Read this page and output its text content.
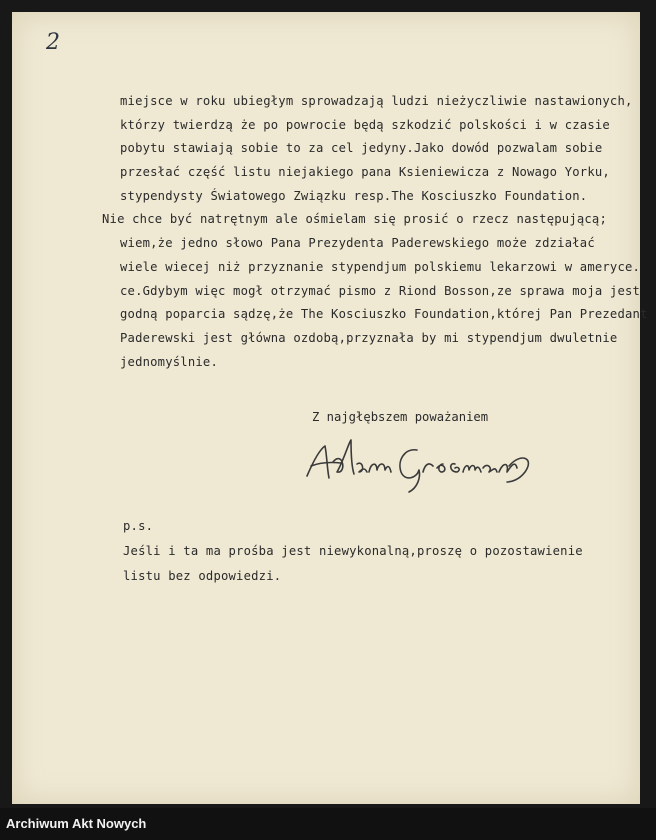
2
miejsce w roku ubiegłym sprowadzają ludzi nieżyczliwie nastawionych,
którzy twierdzą że po powrocie będą szkodzić polskości i w czasie
pobytu stawiają sobie to za cel jedyny.Jako dowód pozwalam sobie
przesłać część listu niejakiego pana Ksieniewicza z Nowago Yorku,
stypendysty Światowego Związku resp.The Kosciuszko Foundation.
Nie chce być natrętnym ale ośmielam się prosić o rzecz następującą;
wiem,że jedno słowo Pana Prezydenta Paderewskiego może zdziałać
wiele wiecej niż przyznanie stypendjum polskiemu lekarzowi w ameryce.
ce.Gdybym więc mogł otrzymać pismo z Riond Bosson,ze sprawa moja jest
godną poparcia sądzę,że The Kosciuszko Foundation,której Pan Prezedant
Paderewski jest główna ozdobą,przyznała by mi stypendjum dwuletnie
jednomyślnie.
Z najgłębszem poważaniem
p.s.
Jeśli i ta ma prośba jest niewykonalną,proszę o pozostawienie
listu bez odpowiedzi.
Archiwum Akt Nowych
